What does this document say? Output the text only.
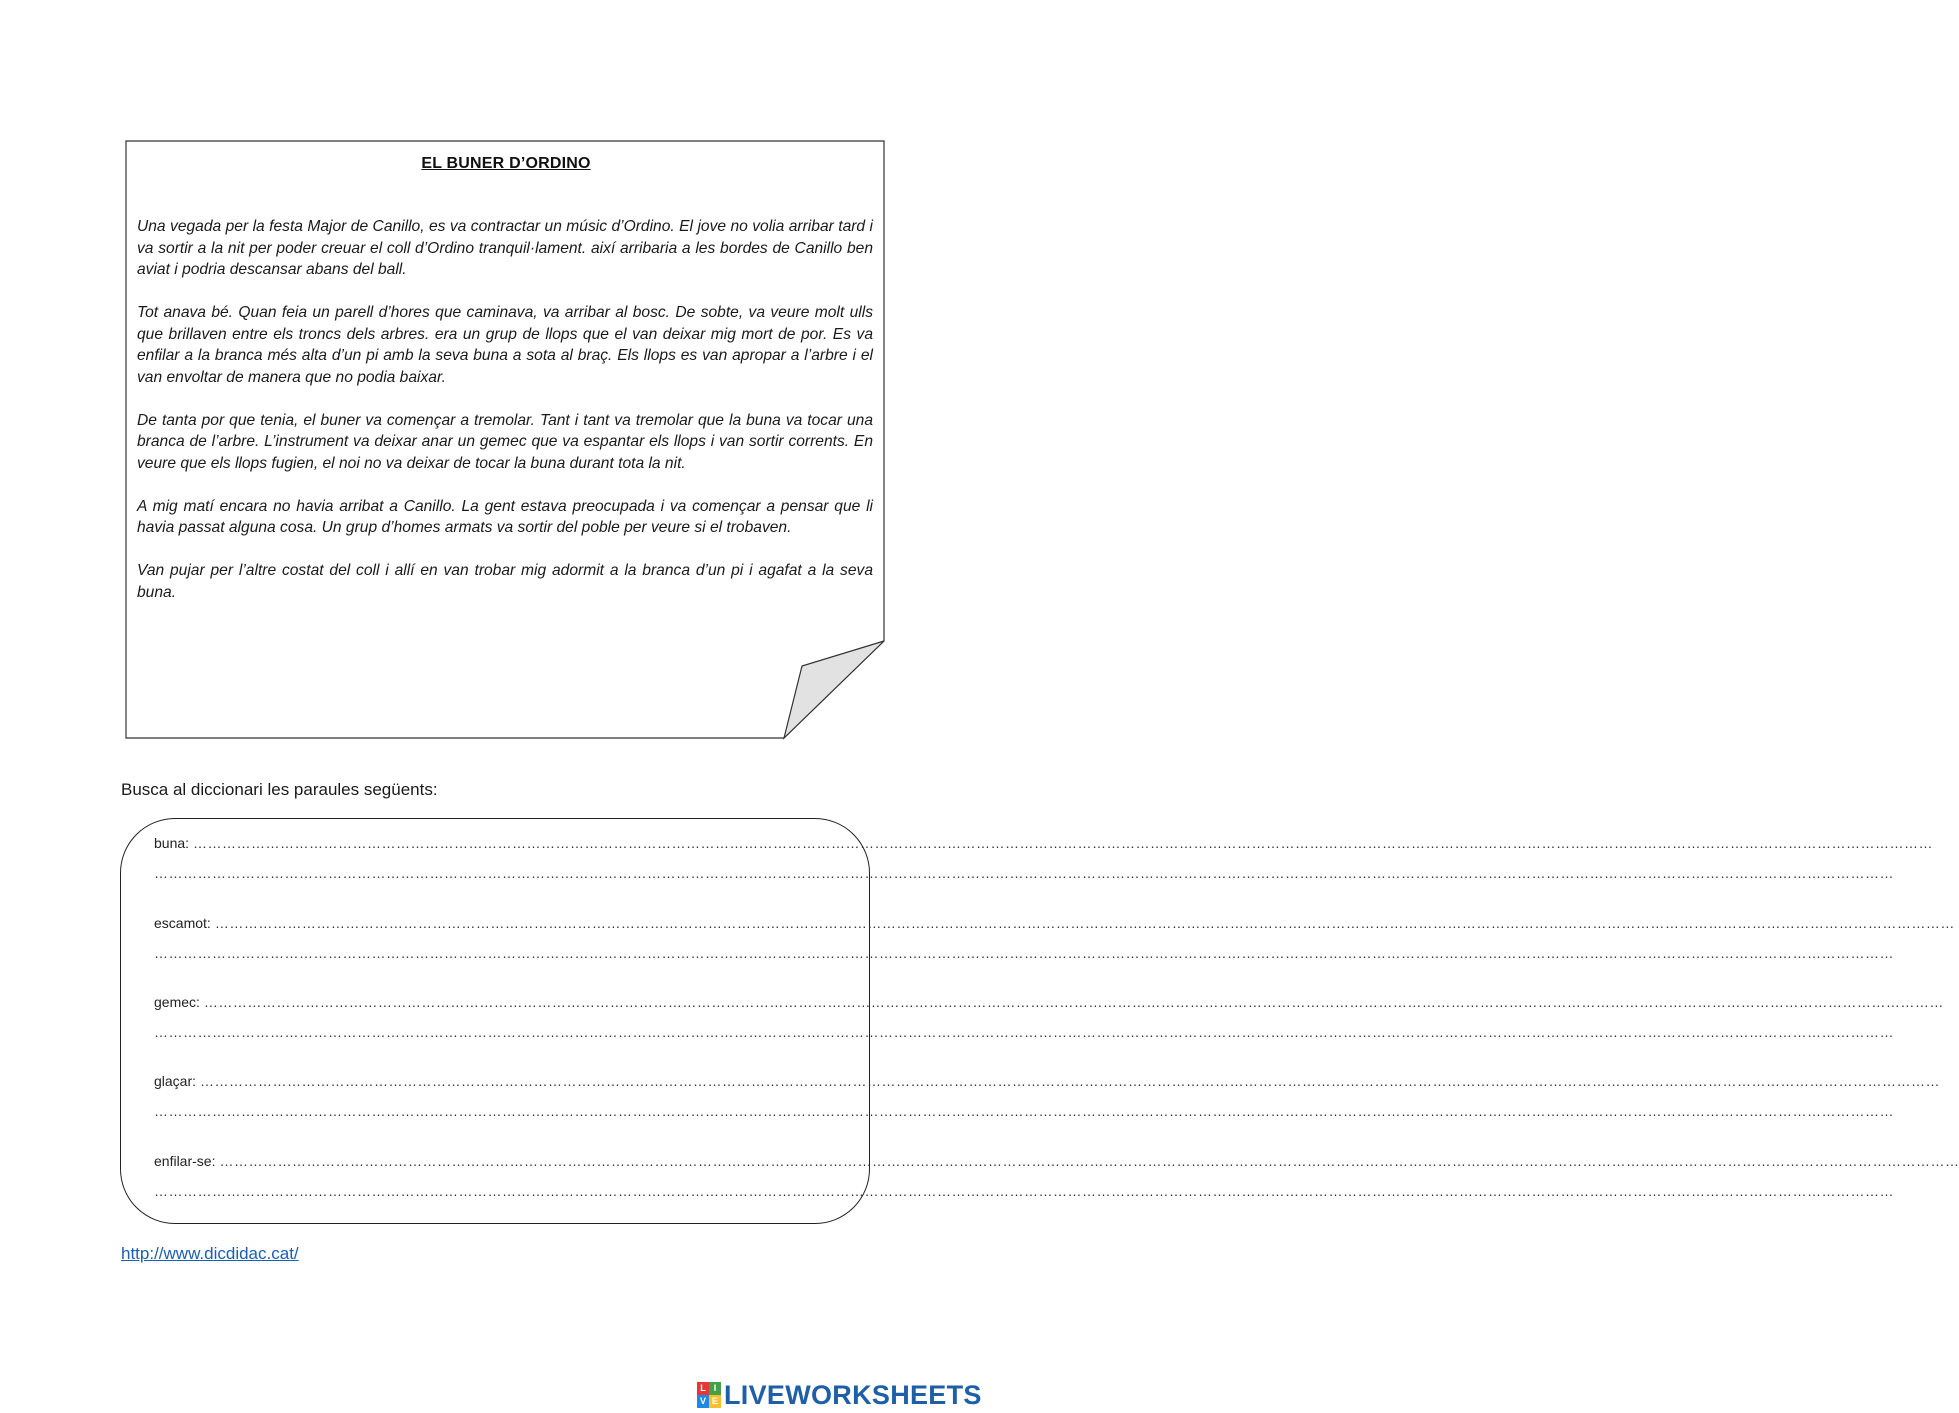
EL BUNER D’ORDINO

Una vegada per la festa Major de Canillo, es va contractar un músic d’Ordino. El jove no volia arribar tard i va sortir a la nit per poder creuar el coll d’Ordino tranquil·lament. així arribaria a les bordes de Canillo ben aviat i podria descansar abans del ball.

Tot anava bé. Quan feia un parell d’hores que caminava, va arribar al bosc. De sobte, va veure molt ulls que brillaven entre els troncs dels arbres. era un grup de llops que el van deixar mig mort de por. Es va enfilar a la branca més alta d’un pi amb la seva buna a sota al braç. Els llops es van apropar a l’arbre i el van envoltar de manera que no podia baixar.

De tanta por que tenia, el buner va començar a tremolar. Tant i tant va tremolar que la buna va tocar una branca de l’arbre. L’instrument va deixar anar un gemec que va espantar els llops i van sortir corrents. En veure que els llops fugien, el noi no va deixar de tocar la buna durant tota la nit.

A mig matí encara no havia arribat a Canillo. La gent estava preocupada i va començar a pensar que li havia passat alguna cosa. Un grup d’homes armats va sortir del poble per veure si el trobaven.

Van pujar per l’altre costat del coll i allí en van trobar mig adormit a la branca d’un pi i agafat a la seva buna.

Busca al diccionari les paraules següents:
buna: ………………………………………………………………………………………………………………………………………………………………………………………………………………………………………………………………………………………………………………………………
………………………………………………………………………………………………………………………………………………………………………………………………………………………………………………………………………………………………………………………………
escamot: ………………………………………………………………………………………………………………………………………………………………………………………………………………………………………………………………………………………………………………………………
………………………………………………………………………………………………………………………………………………………………………………………………………………………………………………………………………………………………………………………………
gemec: ………………………………………………………………………………………………………………………………………………………………………………………………………………………………………………………………………………………………………………………………
………………………………………………………………………………………………………………………………………………………………………………………………………………………………………………………………………………………………………………………………
glaçar: ………………………………………………………………………………………………………………………………………………………………………………………………………………………………………………………………………………………………………………………………
………………………………………………………………………………………………………………………………………………………………………………………………………………………………………………………………………………………………………………………………
enfilar-se: ………………………………………………………………………………………………………………………………………………………………………………………………………………………………………………………………………………………………………………………………
………………………………………………………………………………………………………………………………………………………………………………………………………………………………………………………………………………………………………………………………
http://www.dicdidac.cat/
L I
V E LIVEWORKSHEETS
